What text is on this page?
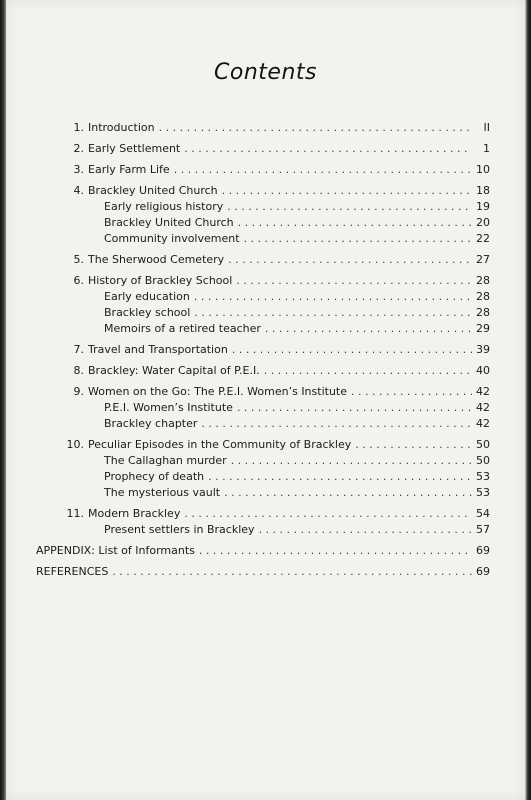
Contents
1. Introduction . . .	II
2. Early Settlement . . .	1
3. Early Farm Life . . .	10
4. Brackley United Church . . .	18
Early religious history . . .	19
Brackley United Church . . .	20
Community involvement . . .	22
5. The Sherwood Cemetery . . .	27
6. History of Brackley School . . .	28
Early education . . .	28
Brackley school . . .	28
Memoirs of a retired teacher . . .	29
7. Travel and Transportation . . .	39
8. Brackley: Water Capital of P.E.I. . . .	40
9. Women on the Go: The P.E.I. Women’s Institute . . .	42
P.E.I. Women’s Institute . . .	42
Brackley chapter . . .	42
10. Peculiar Episodes in the Community of Brackley . . .	50
The Callaghan murder . . .	50
Prophecy of death . . .	53
The mysterious vault . . .	53
11. Modern Brackley . . .	54
Present settlers in Brackley . . .	57
APPENDIX: List of Informants . . .	69
REFERENCES . . .	69
